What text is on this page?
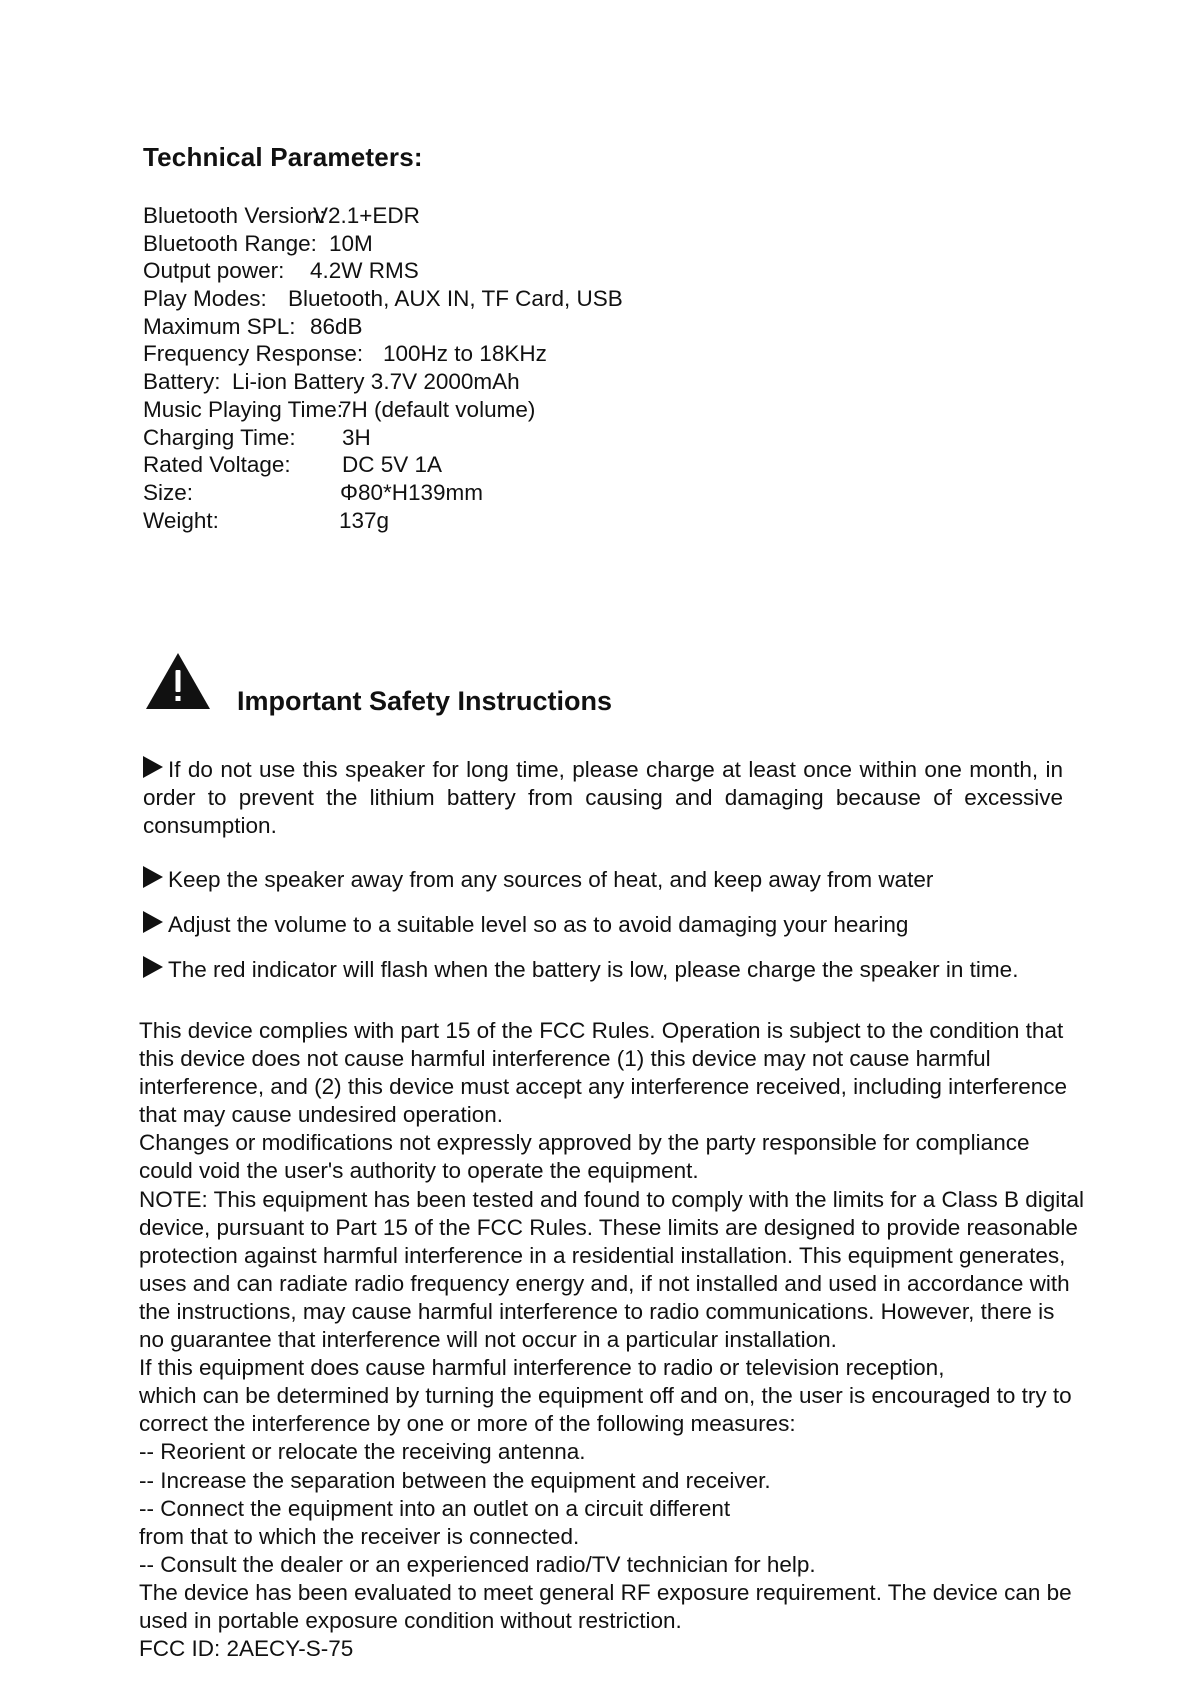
Technical Parameters:
Bluetooth Version:
V2.1+EDR
Bluetooth Range: 10M
Output power: 4.2W RMS
Play Modes: Bluetooth, AUX IN, TF Card, USB
Maximum SPL: 86dB
Frequency Response: 100Hz to 18KHz
Battery: Li-ion Battery 3.7V 2000mAh
Music Playing Time:
7H (default volume)
Charging Time: 3H
Rated Voltage: DC 5V 1A
Size:	Φ80*H139mm
Weight:	137g
Important Safety Instructions
If do not use this speaker for long time, please charge at least once within one month, in order to prevent the lithium battery from causing and damaging because of excessive consumption.
Keep the speaker away from any sources of heat, and keep away from water
Adjust the volume to a suitable level so as to avoid damaging your hearing
The red indicator will flash when the battery is low, please charge the speaker in time.
This device complies with part 15 of the FCC Rules. Operation is subject to the condition that
this device does not cause harmful interference (1) this device may not cause harmful
interference, and (2) this device must accept any interference received, including interference
that may cause undesired operation.
Changes or modifications not expressly approved by the party responsible for compliance
could void the user's authority to operate the equipment.
NOTE: This equipment has been tested and found to comply with the limits for a Class B digital
device, pursuant to Part 15 of the FCC Rules. These limits are designed to provide reasonable
protection against harmful interference in a residential installation. This equipment generates,
uses and can radiate radio frequency energy and, if not installed and used in accordance with
the instructions, may cause harmful interference to radio communications. However, there is
no guarantee that interference will not occur in a particular installation.
If this equipment does cause harmful interference to radio or television reception,
which can be determined by turning the equipment off and on, the user is encouraged to try to
correct the interference by one or more of the following measures:
-- Reorient or relocate the receiving antenna.
-- Increase the separation between the equipment and receiver.
-- Connect the equipment into an outlet on a circuit different
from that to which the receiver is connected.
-- Consult the dealer or an experienced radio/TV technician for help.
The device has been evaluated to meet general RF exposure requirement. The device can be
used in portable exposure condition without restriction.
FCC ID: 2AECY-S-75
